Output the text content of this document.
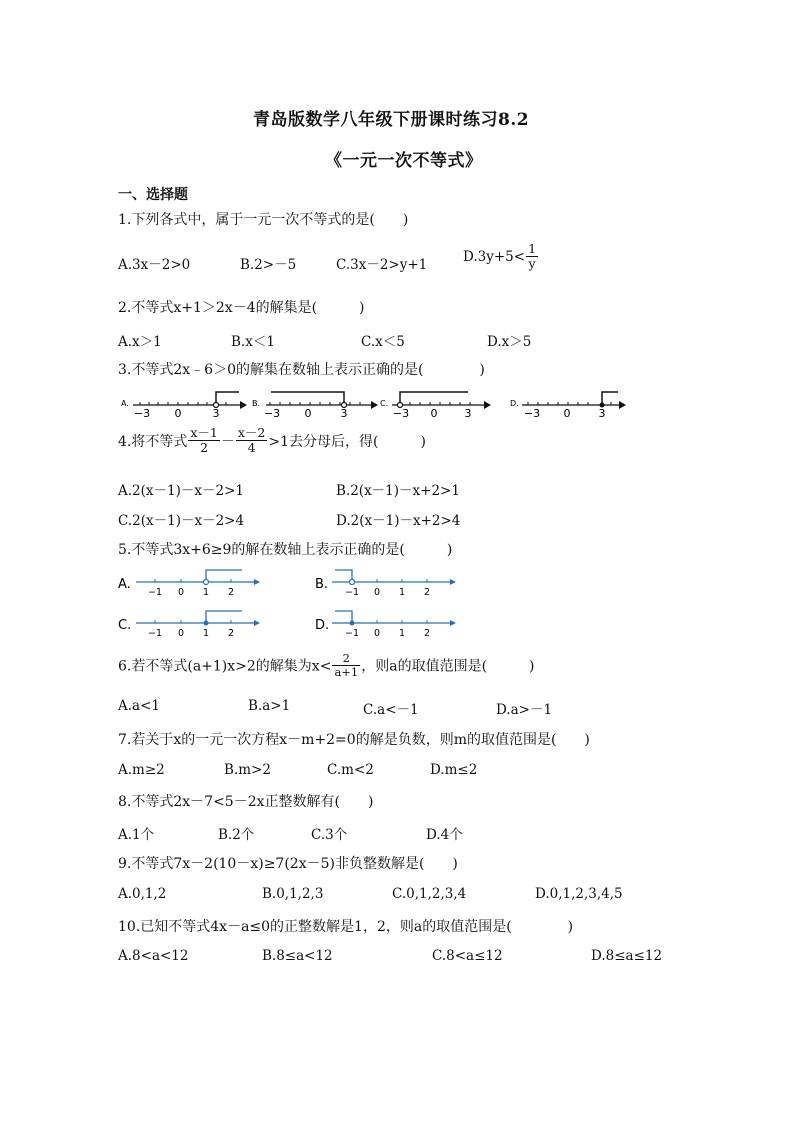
青岛版数学八年级下册课时练习8.2
《一元一次不等式》
一、选择题
1.下列各式中，属于一元一次不等式的是(　　)
A.3x－2>0	B.2>－5	C.3x－2>y+1
$D.3y+5< \frac{1}{y}$
2.不等式x+1＞2x－4的解集是(　　　)
A.x＞1	B.x＜1	C.x＜5	D.x＞5
3.不等式2x﹣6＞0的解集在数轴上表示正确的是(　　　　)
A.
−3 0	3
B.
−3 0	3
C.
−3 0 3
D.
−3 0	3
4.将不等式 $\frac{x-1}{2} - \frac{x-2}{4} >1$去分母后，得(　　　)
A.2(x－1)－x－2>1	B.2(x－1)－x+2>1
C.2(x－1)－x－2>4	D.2(x－1)－x+2>4
5.不等式3x+6≥9的解在数轴上表示正确的是(　　　)
A.
−1 0 1 2
B.
−1 0 1 2
C.
−1 0 1 2
D.
−1 0 1 2
6.若不等式(a+1)x>2的解集为$x< \frac{2}{a+1}$ ，则a的取值范围是(　　　)
A.a<1	B.a>1	C.a<－1	D.a>－1
7.若关于x的一元一次方程x－m+2=0的解是负数，则m的取值范围是(　　)
A.m≥2	B.m>2	C.m<2	D.m≤2
8.不等式2x－7<5－2x正整数解有(　　)
A.1个	B.2个	C.3个	D.4个
9.不等式7x－2(10－x)≥7(2x－5)非负整数解是(　　)
A.0,1,2	B.0,1,2,3	C.0,1,2,3,4	D.0,1,2,3,4,5
10.已知不等式4x－a≤0的正整数解是1，2，则a的取值范围是(　　　　)
A.8<a<12	B.8≤a<12	C.8<a≤12	D.8≤a≤12
